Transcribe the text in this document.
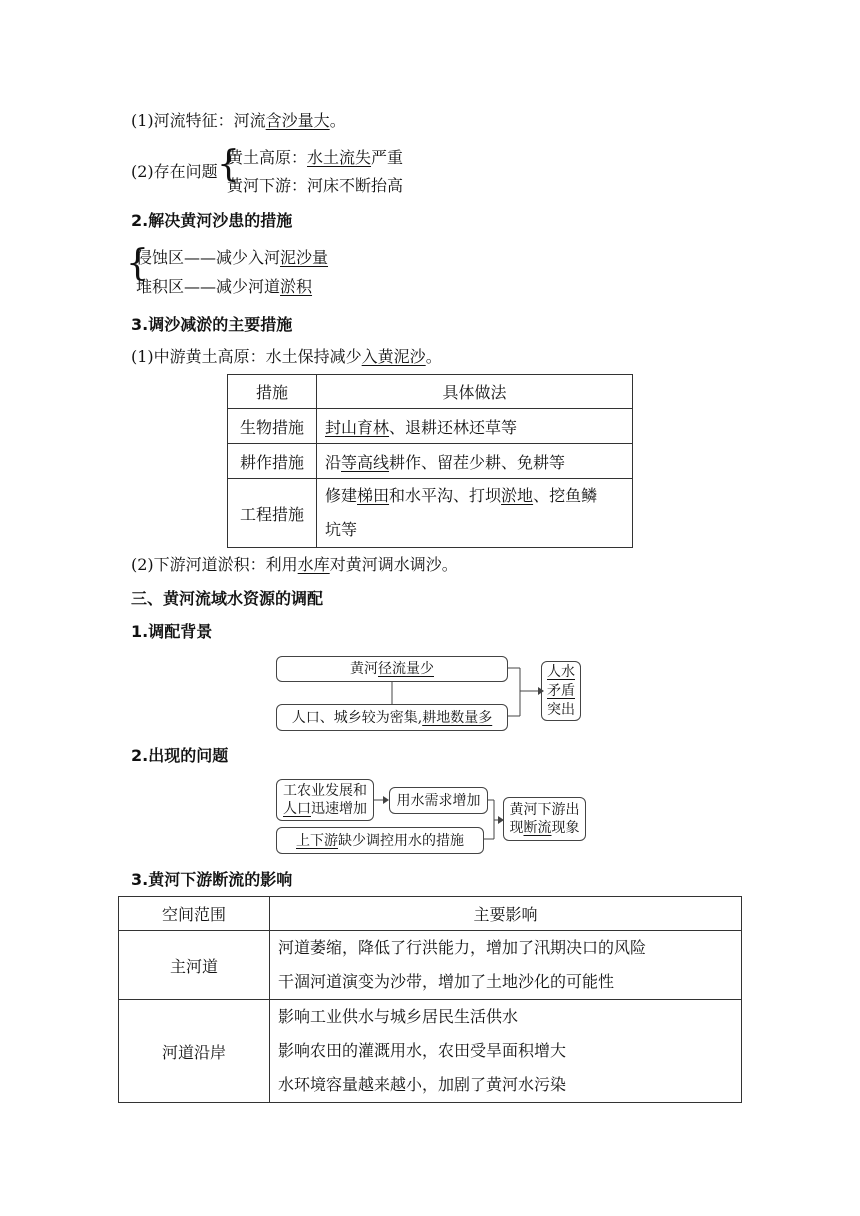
(1)河流特征：河流含沙量大。
(2)存在问题 {
黄土高原：水土流失严重
黄河下游：河床不断抬高
2.解决黄河沙患的措施
{
侵蚀区——减少入河泥沙量
堆积区——减少河道淤积
3.调沙减淤的主要措施
(1)中游黄土高原：水土保持减少入黄泥沙。
措施	具体做法
生物措施	封山育林、退耕还林还草等
耕作措施	沿等高线耕作、留茬少耕、免耕等
工程措施	修建梯田和水平沟、打坝淤地、挖鱼鳞
坑等
(2)下游河道淤积：利用水库对黄河调水调沙。
三、黄河流域水资源的调配
1.调配背景
黄河 径流量少
人口、城乡较为密集, 耕地数量多
人水
矛盾
突出
2.出现的问题
工农业发展和
人口迅速增加
用水需求增加
上下游 缺少调控用水的措施
黄河下游出
现断流现象
3.黄河下游断流的影响
空间范围	主要影响
主河道	河道萎缩，降低了行洪能力，增加了汛期决口的风险
干涸河道演变为沙带，增加了土地沙化的可能性

河道沿岸	影响工业供水与城乡居民生活供水
影响农田的灌溉用水，农田受旱面积增大
水环境容量越来越小，加剧了黄河水污染
